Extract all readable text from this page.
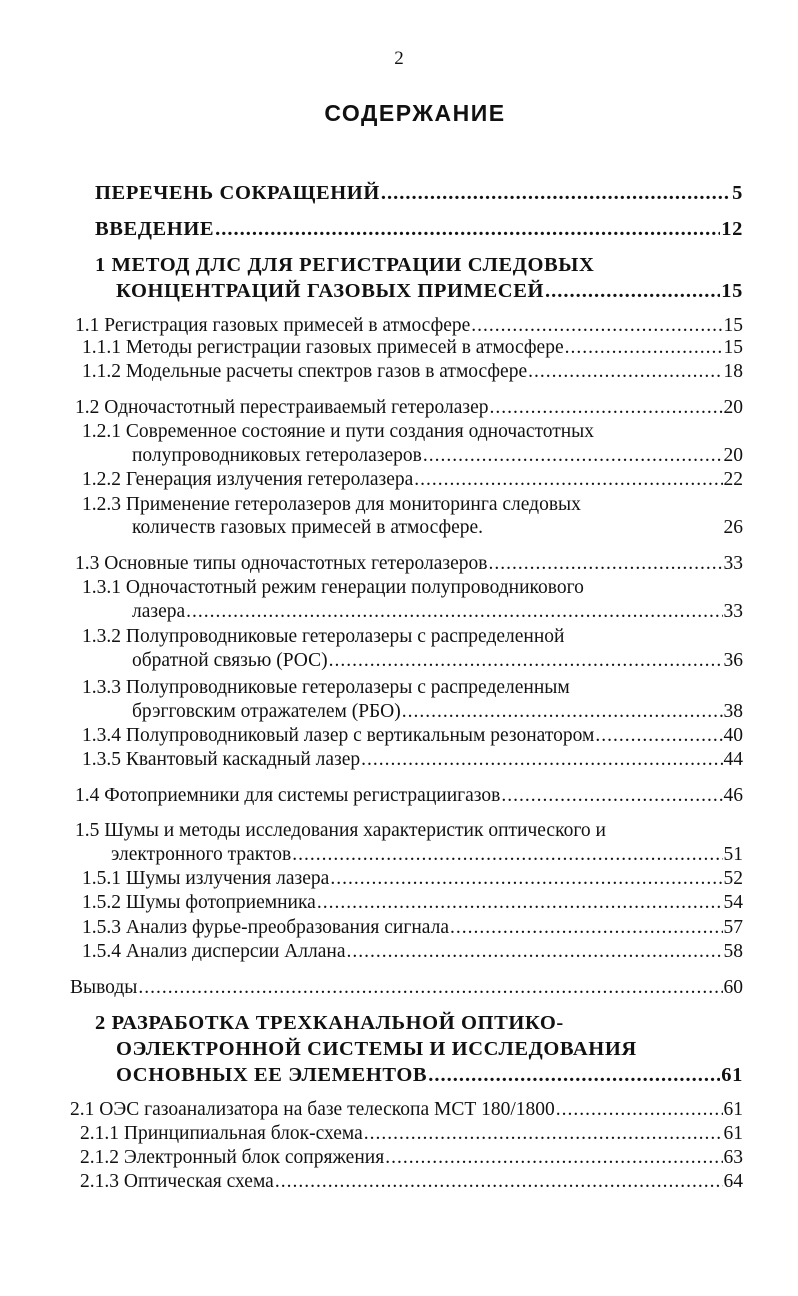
2
СОДЕРЖАНИЕ
ПЕРЕЧЕНЬ СОКРАЩЕНИЙ .....	5
ВВЕДЕНИЕ .....	12
1 МЕТОД ДЛС ДЛЯ РЕГИСТРАЦИИ СЛЕДОВЫХ
КОНЦЕНТРАЦИЙ ГАЗОВЫХ ПРИМЕСЕЙ .....	15
1.1 Регистрация газовых примесей в атмосфере .....	15
1.1.1 Методы регистрации газовых примесей в атмосфере .....	15
1.1.2 Модельные расчеты спектров газов в атмосфере .....	18
1.2 Одночастотный перестраиваемый гетеролазер .....	20
1.2.1 Современное состояние и пути создания одночастотных
полупроводниковых гетеролазеров .....	20
1.2.2 Генерация излучения гетеролазера .....	22
1.2.3 Применение гетеролазеров для мониторинга следовых
количеств газовых примесей в атмосфере.	26
1.3 Основные типы одночастотных гетеролазеров .....	33
1.3.1 Одночастотный режим генерации полупроводникового
лазера .....	33
1.3.2 Полупроводниковые гетеролазеры с распределенной
обратной связью (РОС) .....	36
1.3.3 Полупроводниковые гетеролазеры с распределенным
брэгговским отражателем (РБО) .....	38
1.3.4 Полупроводниковый лазер с вертикальным резонатором .....	40
1.3.5 Квантовый каскадный лазер .....	44
1.4 Фотоприемники для системы регистрациигазов .....	46
1.5 Шумы и методы исследования характеристик оптического и
электронного трактов .....	51
1.5.1 Шумы излучения лазера .....	52
1.5.2 Шумы фотоприемника .....	54
1.5.3 Анализ фурье-преобразования сигнала .....	57
1.5.4 Анализ дисперсии Аллана .....	58
Выводы .....	60
2 РАЗРАБОТКА ТРЕХКАНАЛЬНОЙ ОПТИКО-
ОЭЛЕКТРОННОЙ СИСТЕМЫ И ИССЛЕДОВАНИЯ
ОСНОВНЫХ ЕЕ ЭЛЕМЕНТОВ .....	61
2.1 ОЭС газоанализатора на базе телескопа МСТ 180/1800 .....	61
2.1.1 Принципиальная блок-схема .....	61
2.1.2 Электронный блок сопряжения .....	63
2.1.3 Оптическая схема .....	64
